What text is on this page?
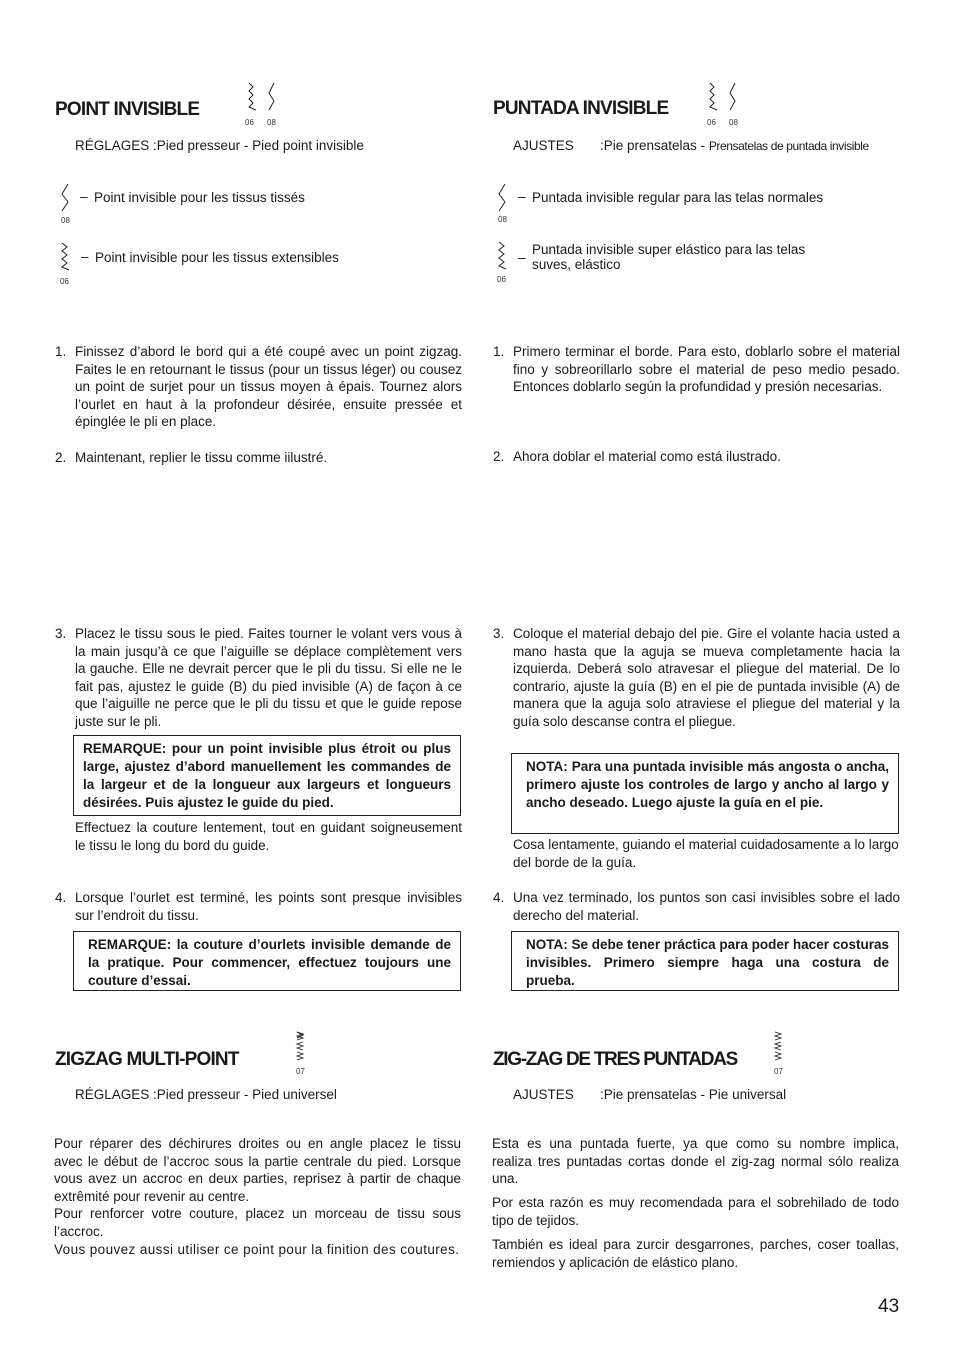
POINT INVISIBLE
06 08

RÉGLAGES :Pied presseur - Pied point invisible

08
– Point invisible pour les tissus tissés

06
– Point invisible pour les tissus extensibles

1. Finissez d’abord le bord qui a été coupé avec un point zigzag. Faites le en retournant le tissus (pour un tissus léger) ou cousez un point de surjet pour un tissus moyen à épais. Tournez alors l’ourlet en haut à la profondeur désirée, ensuite pressée et épinglée le pli en place.

2. Maintenant, replier le tissu comme iilustré.

3. Placez le tissu sous le pied. Faites tourner le volant vers vous à la main jusqu’à ce que l’aiguille se déplace complètement vers la gauche. Elle ne devrait percer que le pli du tissu. Si elle ne le fait pas, ajustez le guide (B) du pied invisible (A) de façon à ce que l’aiguille ne perce que le pli du tissu et que le guide repose juste sur le pli.

REMARQUE: pour un point invisible plus étroit ou plus large, ajustez d’abord manuellement les commandes de la largeur et de la longueur aux largeurs et longueurs désirées. Puis ajustez le guide du pied.

Effectuez la couture lentement, tout en guidant soigneusement le tissu le long du bord du guide.

4. Lorsque l’ourlet est terminé, les points sont presque invisibles sur l’endroit du tissu.

REMARQUE: la couture d’ourlets invisible demande de la pratique. Pour commencer, effectuez toujours une couture d’essai.
ZIGZAG MULTI-POINT
07

RÉGLAGES :Pied presseur - Pied universel

Pour réparer des déchirures droites ou en angle placez le tissu avec le début de l’accroc sous la partie centrale du pied. Lorsque vous avez un accroc en deux parties, reprisez à partir de chaque extrêmité pour revenir au centre.

Pour renforcer votre couture, placez un morceau de tissu sous l’accroc.

Vous pouvez aussi utiliser ce point pour la finition des coutures.

PUNTADA INVISIBLE
06 08

AJUSTES :Pie prensatelas - Prensatelas de puntada invisible

08
– Puntada invisible regular para las telas normales

06
–

Puntada invisible super elástico para las telas suves, elástico

1. Primero terminar el borde. Para esto, doblarlo sobre el material fino y sobreorillarlo sobre el material de peso medio pesado. Entonces doblarlo según la profundidad y presión necesarias.

2. Ahora doblar el material como está ilustrado.

3. Coloque el material debajo del pie. Gire el volante hacia usted a mano hasta que la aguja se mueva completamente hacia la izquierda. Deberá solo atravesar el pliegue del material. De lo contrario, ajuste la guía (B) en el pie de puntada invisible (A) de manera que la aguja solo atraviese el pliegue del material y la guía solo descanse contra el pliegue.

NOTA: Para una puntada invisible más angosta o ancha, primero ajuste los controles de largo y ancho al largo y ancho deseado. Luego ajuste la guía en el pie.

Cosa lentamente, guiando el material cuidadosamente a lo largo del borde de la guía.

4. Una vez terminado, los puntos son casi invisibles sobre el lado derecho del material.

NOTA: Se debe tener práctica para poder hacer costuras invisibles. Primero siempre haga una costura de prueba.
ZIG-ZAG DE TRES PUNTADAS
07

AJUSTES :Pie prensatelas - Pie universal

Esta es una puntada fuerte, ya que como su nombre implica, realiza tres puntadas cortas donde el zig-zag normal sólo realiza una.

Por esta razón es muy recomendada para el sobrehilado de todo tipo de tejidos.

También es ideal para zurcir desgarrones, parches, coser toallas, remiendos y aplicación de elástico plano.

43
